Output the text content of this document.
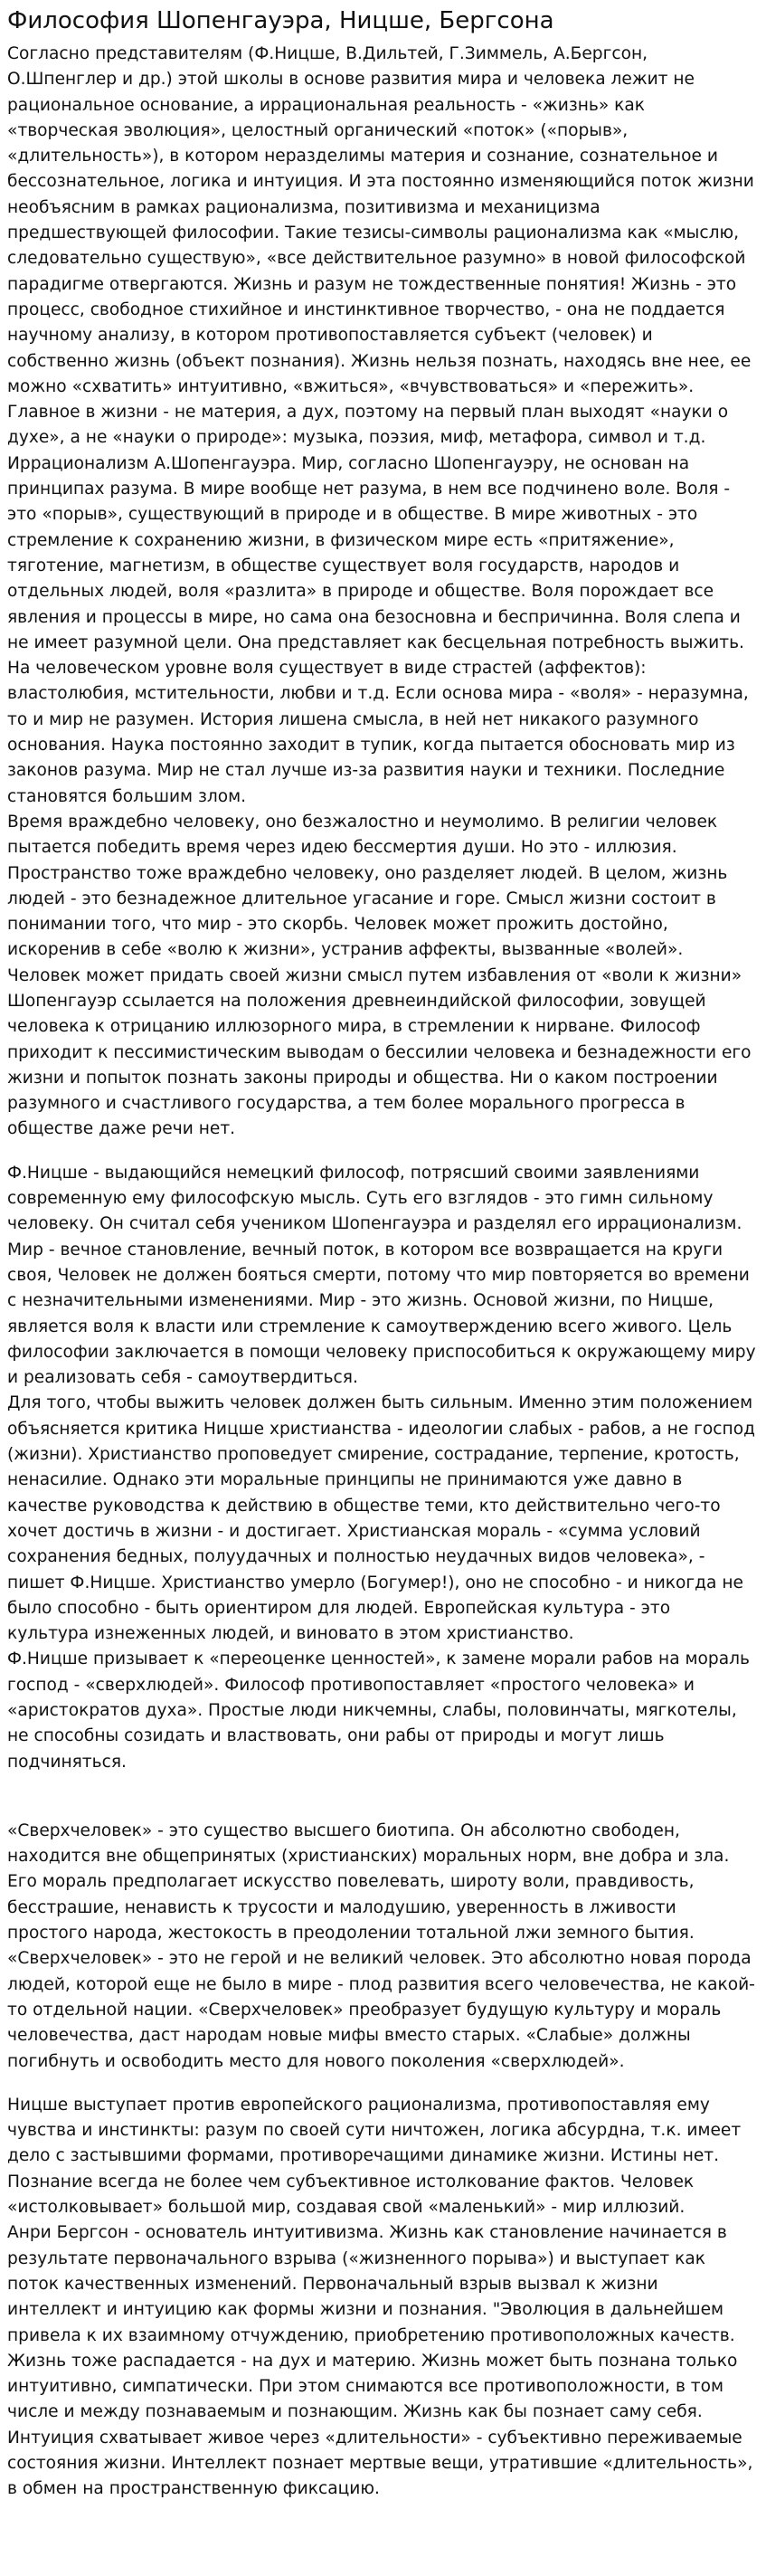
Философия Шопенгауэра, Ницше, Бергсона

Согласно представителям (Ф.Ницше, В.Дильтей, Г.Зиммель, А.Бергсон, О.Шпенглер и др.) этой школы в основе развития мира и человека лежит не рациональное основание, а иррациональная реальность - «жизнь» как «творческая эволюция», целостный органический «поток» («порыв», «длительность»), в котором неразделимы материя и сознание, сознательное и бессознательное, логика и интуиция. И эта постоянно изменяющийся поток жизни необъясним в рамках рационализма, позитивизма и механицизма предшествующей философии. Такие тезисы-символы рационализма как «мыслю, следовательно существую», «все действительное разумно» в новой философской парадигме отвергаются. Жизнь и разум не тождественные понятия! Жизнь - это процесс, свободное стихийное и инстинктивное творчество, - она не поддается научному анализу, в котором противопоставляется субъект (человек) и собственно жизнь (объект познания). Жизнь нельзя познать, находясь вне нее, ее можно «схватить» интуитивно, «вжиться», «вчувствоваться» и «пережить». Главное в жизни - не материя, а дух, поэтому на первый план выходят «науки о духе», а не «науки о природе»: музыка, поэзия, миф, метафора, символ и т.д.
Иррационализм А.Шопенгауэра. Мир, согласно Шопенгауэру, не основан на принципах разума. В мире вообще нет разума, в нем все подчинено воле. Воля - это «порыв», существующий в природе и в обществе. В мире животных - это стремление к сохранению жизни, в физическом мире есть «притяжение», тяготение, магнетизм, в обществе существует воля государств, народов и отдельных людей, воля «разлита» в природе и обществе. Воля порождает все явления и процессы в мире, но сама она безосновна и беспричинна. Воля слепа и не имеет разумной цели. Она представляет как бесцельная потребность выжить. На человеческом уровне воля существует в виде страстей (аффектов): властолюбия, мстительности, любви и т.д. Если основа мира - «воля» - неразумна, то и мир не разумен. История лишена смысла, в ней нет никакого разумного основания. Наука постоянно заходит в тупик, когда пытается обосновать мир из законов разума. Мир не стал лучше из-за развития науки и техники. Последние становятся большим злом.
Время враждебно человеку, оно безжалостно и неумолимо. В религии человек пытается победить время через идею бессмертия души. Но это - иллюзия. Пространство тоже враждебно человеку, оно разделяет людей. В целом, жизнь людей - это безнадежное длительное угасание и горе. Смысл жизни состоит в понимании того, что мир - это скорбь. Человек может прожить достойно, искоренив в себе «волю к жизни», устранив аффекты, вызванные «волей». Человек может придать своей жизни смысл путем избавления от «воли к жизни» Шопенгауэр ссылается на положения древнеиндийской философии, зовущей человека к отрицанию иллюзорного мира, в стремлении к нирване. Философ приходит к пессимистическим выводам о бессилии человека и безнадежности его жизни и попыток познать законы природы и общества. Ни о каком построении разумного и счастливого государства, а тем более морального прогресса в обществе даже речи нет.

Ф.Ницше - выдающийся немецкий философ, потрясший своими заявлениями современную ему философскую мысль. Суть его взглядов - это гимн сильному человеку. Он считал себя учеником Шопенгауэра и разделял его иррационализм. Мир - вечное становление, вечный поток, в котором все возвращается на круги своя, Человек не должен бояться смерти, потому что мир повторяется во времени с незначительными изменениями. Мир - это жизнь. Основой жизни, по Ницше, является воля к власти или стремление к самоутверждению всего живого. Цель философии заключается в помощи человеку приспособиться к окружающему миру и реализовать себя - самоутвердиться.
Для того, чтобы выжить человек должен быть сильным. Именно этим положением объясняется критика Ницше христианства - идеологии слабых - рабов, а не господ (жизни). Христианство проповедует смирение, сострадание, терпение, кротость, ненасилие. Однако эти моральные принципы не принимаются уже давно в качестве руководства к действию в обществе теми, кто действительно чего-то хочет достичь в жизни - и достигает. Христианская мораль - «сумма условий сохранения бедных, полуудачных и полностью неудачных видов человека», - пишет Ф.Ницше. Христианство умерло (Богумер!), оно не способно - и никогда не было способно - быть ориентиром для людей. Европейская культура - это культура изнеженных людей, и виновато в этом христианство.
Ф.Ницше призывает к «переоценке ценностей», к замене морали рабов на мораль господ - «сверхлюдей». Философ противопоставляет «простого человека» и «аристократов духа». Простые люди никчемны, слабы, половинчаты, мягкотелы, не способны созидать и властвовать, они рабы от природы и могут лишь подчиняться.

«Сверхчеловек» - это существо высшего биотипа. Он абсолютно свободен, находится вне общепринятых (христианских) моральных норм, вне добра и зла. Его мораль предполагает искусство повелевать, широту воли, правдивость, бесстрашие, ненависть к трусости и малодушию, уверенность в лживости простого народа, жестокость в преодолении тотальной лжи земного бытия. «Сверхчеловек» - это не герой и не великий человек. Это абсолютно новая порода людей, которой еще не было в мире - плод развития всего человечества, не какой-то отдельной нации. «Сверхчеловек» преобразует будущую культуру и мораль человечества, даст народам новые мифы вместо старых. «Слабые» должны погибнуть и освободить место для нового поколения «сверхлюдей».

Ницше выступает против европейского рационализма, противопоставляя ему чувства и инстинкты: разум по своей сути ничтожен, логика абсурдна, т.к. имеет дело с застывшими формами, противоречащими динамике жизни. Истины нет. Познание всегда не более чем субъективное истолкование фактов. Человек «истолковывает» большой мир, создавая свой «маленький» - мир иллюзий.
Анри Бергсон - основатель интуитивизма. Жизнь как становление начинается в результате первоначального взрыва («жизненного порыва») и выступает как поток качественных изменений. Первоначальный взрыв вызвал к жизни интеллект и интуицию как формы жизни и познания. "Эволюция в дальнейшем привела к их взаимному отчуждению, приобретению противоположных качеств. Жизнь тоже распадается - на дух и материю. Жизнь может быть познана только интуитивно, симпатически. При этом снимаются все противоположности, в том числе и между познаваемым и познающим. Жизнь как бы познает саму себя. Интуиция схватывает живое через «длительности» - субъективно переживаемые состояния жизни. Интеллект познает мертвые вещи, утратившие «длительность», в обмен на пространственную фиксацию.
